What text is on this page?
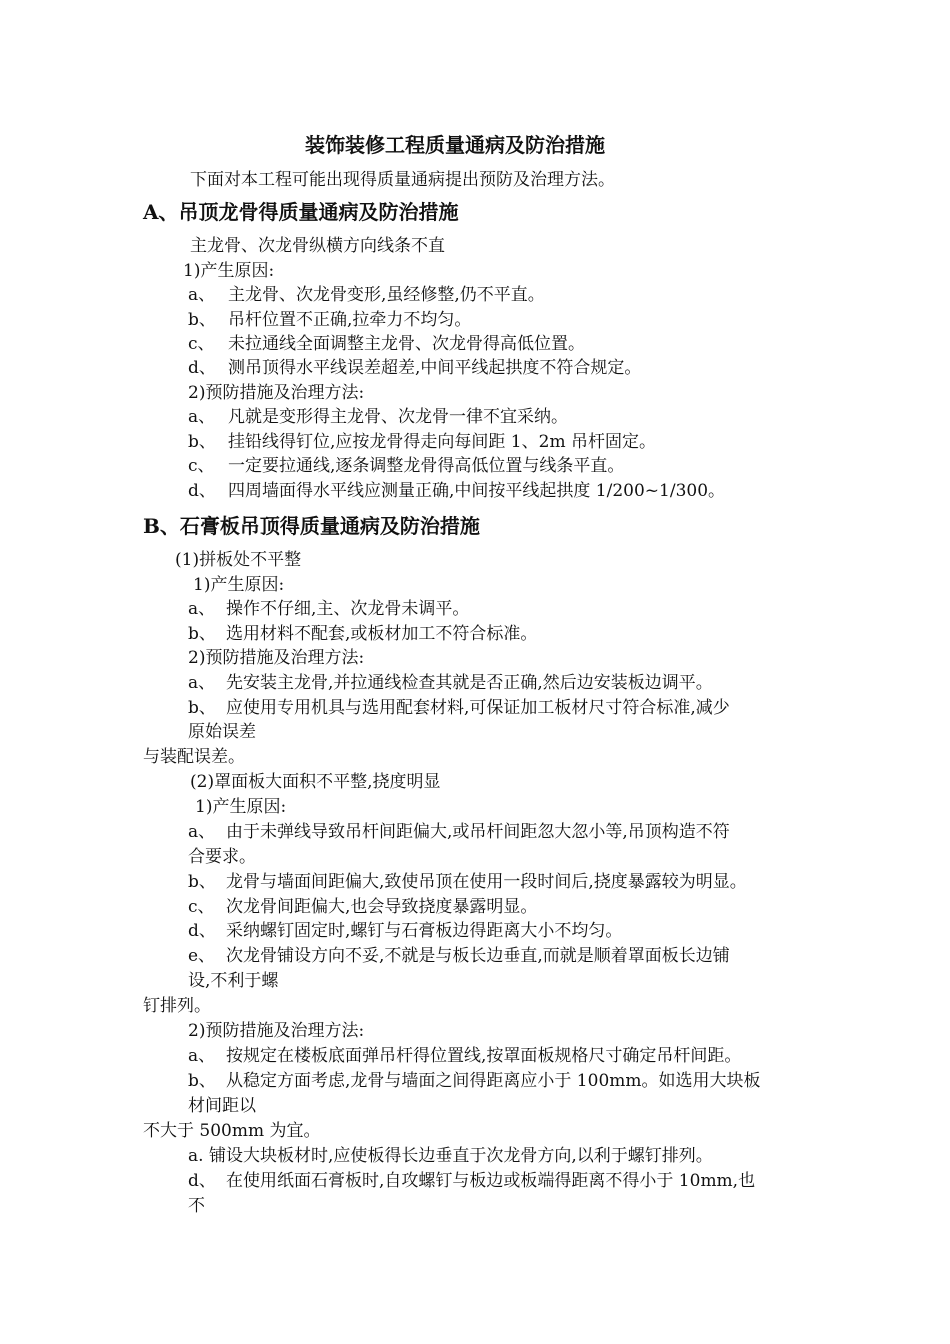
装饰装修工程质量通病及防治措施
下面对本工程可能出现得质量通病提出预防及治理方法。
A、吊顶龙骨得质量通病及防治措施
主龙骨、次龙骨纵横方向线条不直
1)产生原因:
a、 主龙骨、次龙骨变形,虽经修整,仍不平直。
b、 吊杆位置不正确,拉牵力不均匀。
c、 未拉通线全面调整主龙骨、次龙骨得高低位置。
d、 测吊顶得水平线误差超差,中间平线起拱度不符合规定。
2)预防措施及治理方法:
a、 凡就是变形得主龙骨、次龙骨一律不宜采纳。
b、 挂铅线得钉位,应按龙骨得走向每间距 1、2m 吊杆固定。
c、 一定要拉通线,逐条调整龙骨得高低位置与线条平直。
d、 四周墙面得水平线应测量正确,中间按平线起拱度 1/200~1/300。
B、石膏板吊顶得质量通病及防治措施
(1)拼板处不平整
1)产生原因:
a、 操作不仔细,主、次龙骨未调平。
b、 选用材料不配套,或板材加工不符合标准。
2)预防措施及治理方法:
a、 先安装主龙骨,并拉通线检查其就是否正确,然后边安装板边调平。
b、 应使用专用机具与选用配套材料,可保证加工板材尺寸符合标准,减少
原始误差
与装配误差。
(2)罩面板大面积不平整,挠度明显
1)产生原因:
a、 由于未弹线导致吊杆间距偏大,或吊杆间距忽大忽小等,吊顶构造不符
合要求。
b、 龙骨与墙面间距偏大,致使吊顶在使用一段时间后,挠度暴露较为明显。
c、 次龙骨间距偏大,也会导致挠度暴露明显。
d、 采纳螺钉固定时,螺钉与石膏板边得距离大小不均匀。
e、 次龙骨铺设方向不妥,不就是与板长边垂直,而就是顺着罩面板长边铺
设,不利于螺
钉排列。
2)预防措施及治理方法:
a、 按规定在楼板底面弹吊杆得位置线,按罩面板规格尺寸确定吊杆间距。
b、 从稳定方面考虑,龙骨与墙面之间得距离应小于 100mm。如选用大块板
材间距以
不大于 500mm 为宜。
a. 铺设大块板材时,应使板得长边垂直于次龙骨方向,以利于螺钉排列。
d、 在使用纸面石膏板时,自攻螺钉与板边或板端得距离不得小于 10mm,也
不
